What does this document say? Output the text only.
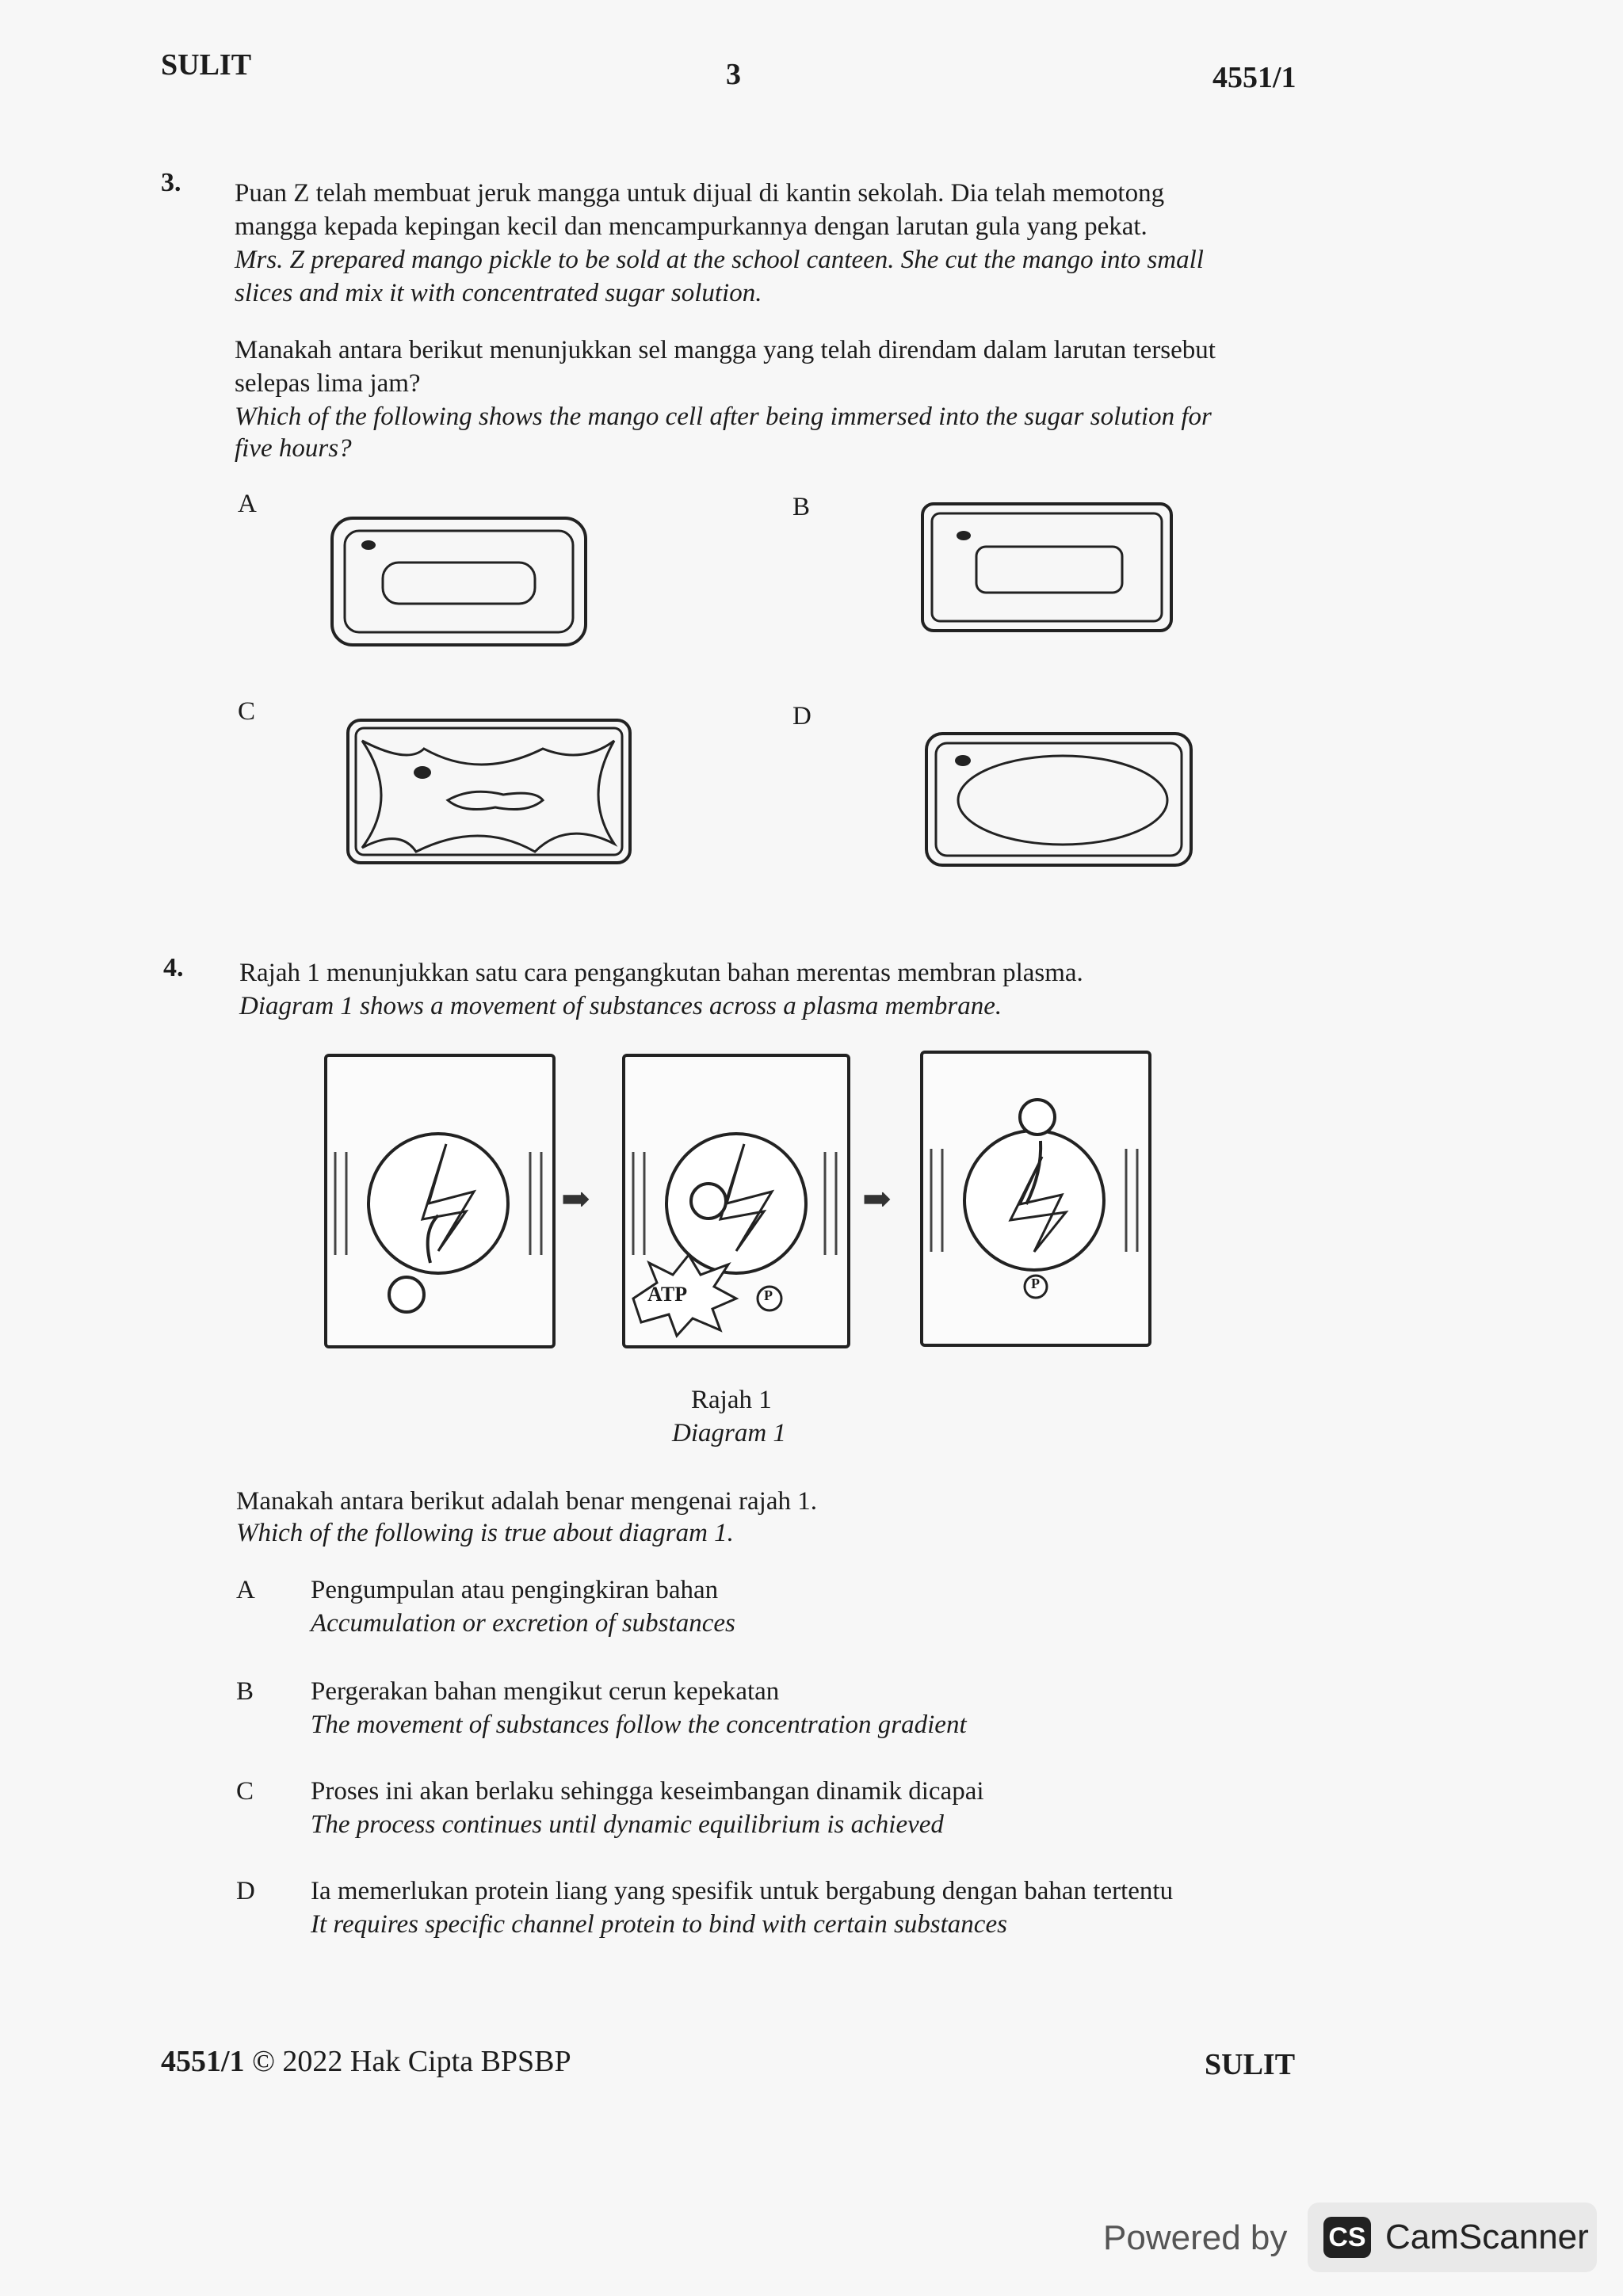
SULIT	3	4551/1
3. Puan Z telah membuat jeruk mangga untuk dijual di kantin sekolah. Dia telah memotong
mangga kepada kepingan kecil dan mencampurkannya dengan larutan gula yang pekat.
Mrs. Z prepared mango pickle to be sold at the school canteen. She cut the mango into small
slices and mix it with concentrated sugar solution.
Manakah antara berikut menunjukkan sel mangga yang telah direndam dalam larutan tersebut
selepas lima jam?
Which of the following shows the mango cell after being immersed into the sugar solution for
five hours?
A	B
C	D
4. Rajah 1 menunjukkan satu cara pengangkutan bahan merentas membran plasma.
Diagram 1 shows a movement of substances across a plasma membrane.
➡
ATP	P
➡
P
Rajah 1
Diagram 1
Manakah antara berikut adalah benar mengenai rajah 1.
Which of the following is true about diagram 1.
A Pengumpulan atau pengingkiran bahan
Accumulation or excretion of substances
B Pergerakan bahan mengikut cerun kepekatan
The movement of substances follow the concentration gradient
C Proses ini akan berlaku sehingga keseimbangan dinamik dicapai
The process continues until dynamic equilibrium is achieved
D Ia memerlukan protein liang yang spesifik untuk bergabung dengan bahan tertentu
It requires specific channel protein to bind with certain substances
4551/1 © 2022 Hak Cipta BPSBP	SULIT
Powered by CS CamScanner
